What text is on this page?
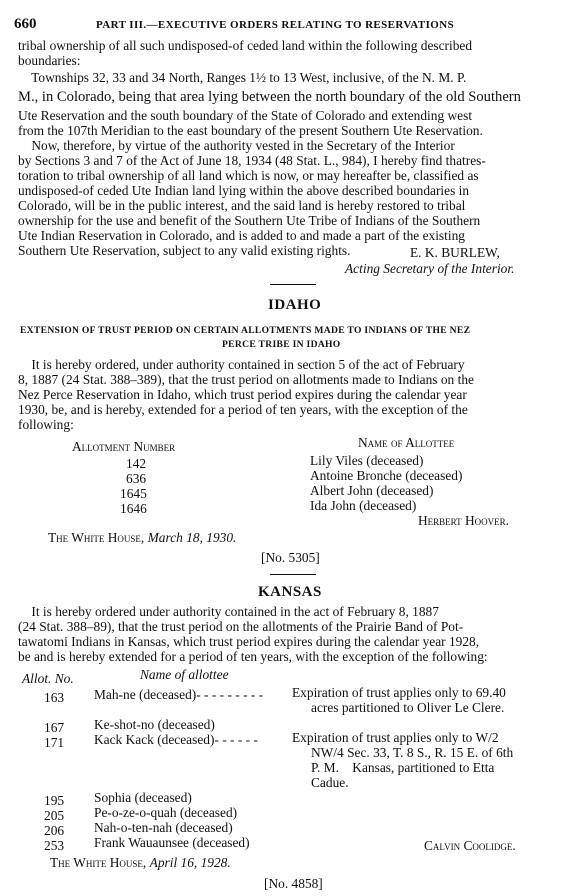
660	PART III.—EXECUTIVE ORDERS RELATING TO RESERVATIONS
tribal ownership of all such undisposed-of ceded land within the following described
boundaries:
Townships 32, 33 and 34 North, Ranges 1½ to 13 West, inclusive, of the N. M. P.
M., in Colorado, being that area lying between the north boundary of the old Southern
Ute Reservation and the south boundary of the State of Colorado and extending west
from the 107th Meridian to the east boundary of the present Southern Ute Reservation.
Now, therefore, by virtue of the authority vested in the Secretary of the Interior
by Sections 3 and 7 of the Act of June 18, 1934 (48 Stat. L., 984), I hereby find thatres-
toration to tribal ownership of all land which is now, or may hereafter be, classified as
undisposed-of ceded Ute Indian land lying within the above described boundaries in
Colorado, will be in the public interest, and the said land is hereby restored to tribal
ownership for the use and benefit of the Southern Ute Tribe of Indians of the Southern
Ute Indian Reservation in Colorado, and is added to and made a part of the existing
Southern Ute Reservation, subject to any valid existing rights.	E. K. BURLEW,
Acting Secretary of the Interior.
IDAHO
EXTENSION OF TRUST PERIOD ON CERTAIN ALLOTMENTS MADE TO INDIANS OF THE NEZ
PERCE TRIBE IN IDAHO
It is hereby ordered, under authority contained in section 5 of the act of February
8, 1887 (24 Stat. 388–389), that the trust period on allotments made to Indians on the
Nez Perce Reservation in Idaho, which trust period expires during the calendar year
1930, be, and is hereby, extended for a period of ten years, with the exception of the
following:
Allotment Number	Name of Allottee
142	Lily Viles (deceased)
636	Antoine Bronche (deceased)
1645	Albert John (deceased)
1646	Ida John (deceased)
Herbert Hoover.
The White House, March 18, 1930.
[No. 5305]
KANSAS
It is hereby ordered under authority contained in the act of February 8, 1887
(24 Stat. 388–89), that the trust period on the allotments of the Prairie Band of Pot-
tawatomi Indians in Kansas, which trust period expires during the calendar year 1928,
be and is hereby extended for a period of ten years, with the exception of the following:
Allot. No.	Name of allottee
163 Mah-ne (deceased)- - - - - - - - - Expiration of trust applies only to 69.40
acres partitioned to Oliver Le Clere.
167 Ke-shot-no (deceased)
171 Kack Kack (deceased)- - - - - -	Expiration of trust applies only to W/2
NW/4 Sec. 33, T. 8 S., R. 15 E. of 6th
P. M.    Kansas, partitioned to Etta
Cadue.
195 Sophia (deceased)
205 Pe-o-ze-o-quah (deceased)
206 Nah-o-ten-nah (deceased)
253 Frank Wauaunsee (deceased)	Calvin Coolidge.
The White House, April 16, 1928.
[No. 4858]
